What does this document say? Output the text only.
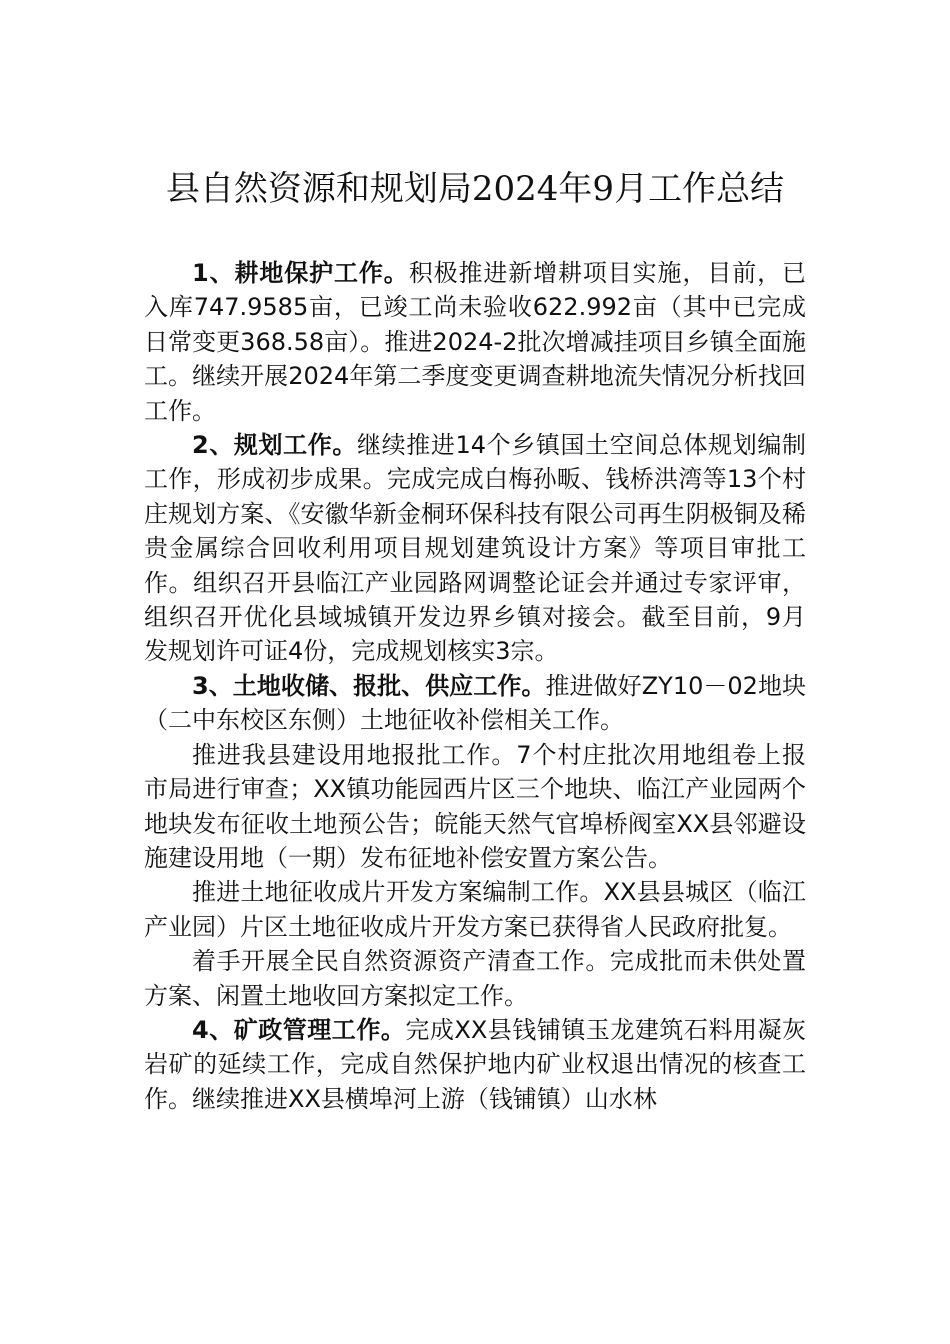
县自然资源和规划局2024年9月工作总结

1、耕地保护工作。积极推进新增耕项目实施，目前，已入库747.9585亩，已竣工尚未验收622.992亩（其中已完成日常变更368.58亩）。推进2024-2批次增减挂项目乡镇全面施工。继续开展2024年第二季度变更调查耕地流失情况分析找回工作。

2、规划工作。继续推进14个乡镇国土空间总体规划编制工作，形成初步成果。完成完成白梅孙畈、钱桥洪湾等13个村庄规划方案、《安徽华新金桐环保科技有限公司再生阴极铜及稀贵金属综合回收利用项目规划建筑设计方案》等项目审批工作。组织召开县临江产业园路网调整论证会并通过专家评审，组织召开优化县域城镇开发边界乡镇对接会。截至目前，9月发规划许可证4份，完成规划核实3宗。

3、土地收储、报批、供应工作。推进做好ZY10－02地块（二中东校区东侧）土地征收补偿相关工作。

推进我县建设用地报批工作。7个村庄批次用地组卷上报市局进行审查；XX镇功能园西片区三个地块、临江产业园两个地块发布征收土地预公告；皖能天然气官埠桥阀室XX县邻避设施建设用地（一期）发布征地补偿安置方案公告。

推进土地征收成片开发方案编制工作。XX县县城区（临江产业园）片区土地征收成片开发方案已获得省人民政府批复。

着手开展全民自然资源资产清查工作。完成批而未供处置方案、闲置土地收回方案拟定工作。

4、矿政管理工作。完成XX县钱铺镇玉龙建筑石料用凝灰岩矿的延续工作，完成自然保护地内矿业权退出情况的核查工作。继续推进XX县横埠河上游（钱铺镇）山水林
